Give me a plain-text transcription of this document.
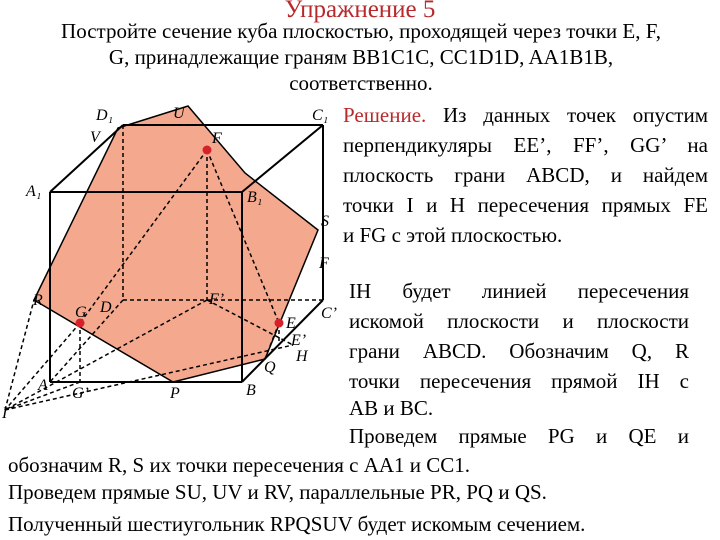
Упражнение 5
Постройте сечение куба плоскостью, проходящей через точки E, F,
G, принадлежащие граням BB1C1C, CC1D1D, AA1B1B,
соответственно.
D₁	U	C₁
V	F
A₁	B₁
S
F
R
G D	F’
C’
E
E’
H
Q
A G’	P	B
I
Решение. Из данных точек опустим
перпендикуляры EE’, FF’, GG’ на
плоскость грани ABCD, и найдем
точки I и H пересечения прямых FE
и FG с этой плоскостью.
IH будет линией пересечения
искомой плоскости и плоскости
грани ABCD. Обозначим Q, R
точки пересечения прямой IH с
AB и BC.
Проведем прямые PG и QE и
обозначим R, S их точки пересечения с AA1 и CC1.
Проведем прямые SU, UV и RV, параллельные PR, PQ и QS.
Полученный шестиугольник RPQSUV будет искомым сечением.
